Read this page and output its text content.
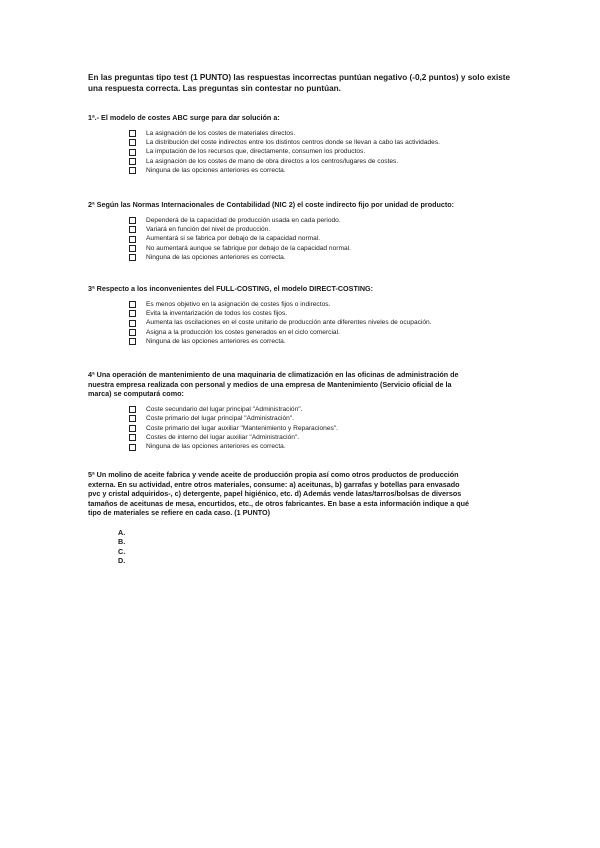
En las preguntas tipo test (1 PUNTO) las respuestas incorrectas puntúan negativo (-0,2 puntos) y solo existe una respuesta correcta. Las preguntas sin contestar no puntúan.
1ª.- El modelo de costes ABC surge para dar solución a:
La asignación de los costes de materiales directos.
La distribución del coste indirectos entre los distintos centros donde se llevan a cabo las actividades.
La imputación de los recursos que, directamente, consumen los productos.
La asignación de los costes de mano de obra directos a los centros/lugares de costes.
Ninguna de las opciones anteriores es correcta.
2ª Según las Normas Internacionales de Contabilidad (NIC 2) el coste indirecto fijo por unidad de producto:
Dependerá de la capacidad de producción usada en cada periodo.
Variará en función del nivel de producción.
Aumentará si se fabrica por debajo de la capacidad normal.
No aumentará aunque se fabrique por debajo de la capacidad normal.
Ninguna de las opciones anteriores es correcta.
3ª Respecto a los inconvenientes del FULL-COSTING, el modelo DIRECT-COSTING:
Es menos objetivo en la asignación de costes fijos o indirectos.
Evita la inventarización de todos los costes fijos.
Aumenta las oscilaciones en el coste unitario de producción ante diferentes niveles de ocupación.
Asigna a la producción los costes generados en el ciclo comercial.
Ninguna de las opciones anteriores es correcta.
4ª Una operación de mantenimiento de una maquinaria de climatización en las oficinas de administración de
nuestra empresa realizada con personal y medios de una empresa de Mantenimiento (Servicio oficial de la
marca) se computará como:
Coste secundario del lugar principal "Administración".
Coste primario del lugar principal "Administración".
Coste primario del lugar auxiliar "Mantenimiento y Reparaciones".
Costes de interno del lugar auxiliar "Administración".
Ninguna de las opciones anteriores es correcta.
5ª Un molino de aceite fabrica y vende aceite de producción propia así como otros productos de producción
externa. En su actividad, entre otros materiales, consume: a) aceitunas, b) garrafas y botellas para envasado
pvc y cristal adquiridos-, c) detergente, papel higiénico, etc. d) Además vende latas/tarros/bolsas de diversos
tamaños de aceitunas de mesa, encurtidos, etc., de otros fabricantes. En base a esta información indique a qué
tipo de materiales se refiere en cada caso. (1 PUNTO)
A.
B.
C.
D.
